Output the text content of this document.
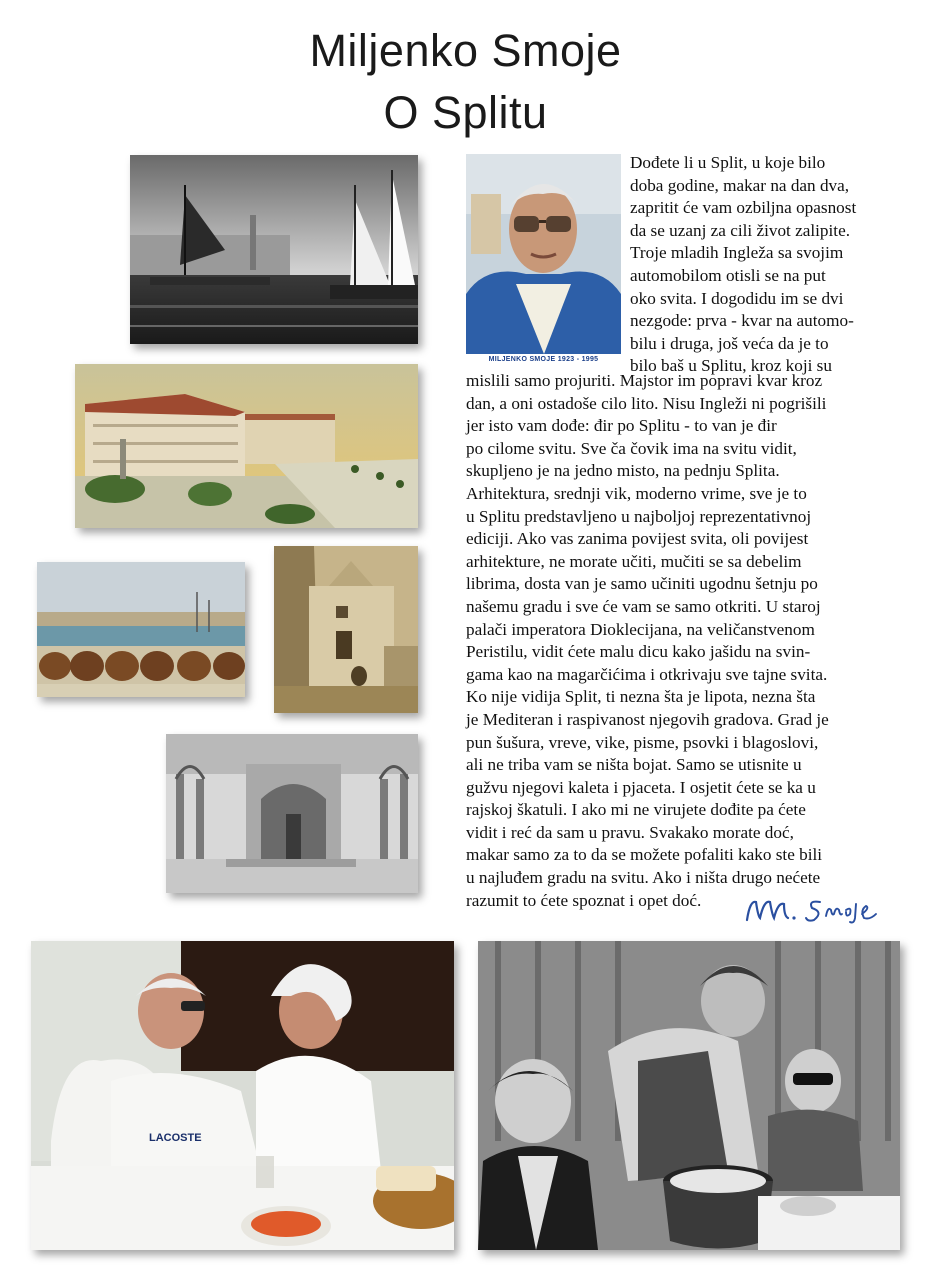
Miljenko Smoje
O Splitu
MILJENKO SMOJE 1923 - 1995
Dođete li u Split, u koje bilo
doba godine, makar na dan dva,
zapritit će vam ozbiljna opasnost
da se uzanj za cili život zalipite.
Troje mladih Ingleža sa svojim
automobilom otisli se na put
oko svita. I dogodidu im se dvi
nezgode: prva - kvar na automo-
bilu i druga, još veća da je to
bilo baš u Splitu, kroz koji su
mislili samo projuriti. Majstor im popravi kvar kroz
dan, a oni ostadoše cilo lito. Nisu Ingleži ni pogrišili
jer isto vam dođe: đir po Splitu - to van je đir
po cilome svitu. Sve ča čovik ima na svitu vidit,
skupljeno je na jedno misto, na pednju Splita.
Arhitektura, srednji vik, moderno vrime, sve je to
u Splitu predstavljeno u najboljoj reprezentativnoj
ediciji. Ako vas zanima povijest svita, oli povijest
arhitekture, ne morate učiti, mučiti se sa debelim
librima, dosta van je samo učiniti ugodnu šetnju po
našemu gradu i sve će vam se samo otkriti. U staroj
palači imperatora Dioklecijana, na veličanstvenom
Peristilu, vidit ćete malu dicu kako jašidu na svin-
gama kao na magarčićima i otkrivaju sve tajne svita.
Ko nije vidija Split, ti nezna šta je lipota, nezna šta
je Mediteran i raspivanost njegovih gradova. Grad je
pun šušura, vreve, vike, pisme, psovki i blagoslovi,
ali ne triba vam se ništa bojat. Samo se utisnite u
gužvu njegovi kaleta i pjaceta. I osjetit ćete se ka u
rajskoj škatuli. I ako mi ne virujete dođite pa ćete
vidit i reć da sam u pravu. Svakako morate doć,
makar samo za to da se možete pofaliti kako ste bili
u najluđem gradu na svitu. Ako i ništa drugo nećete
razumit to ćete spoznat i opet doć.
LACOSTE
